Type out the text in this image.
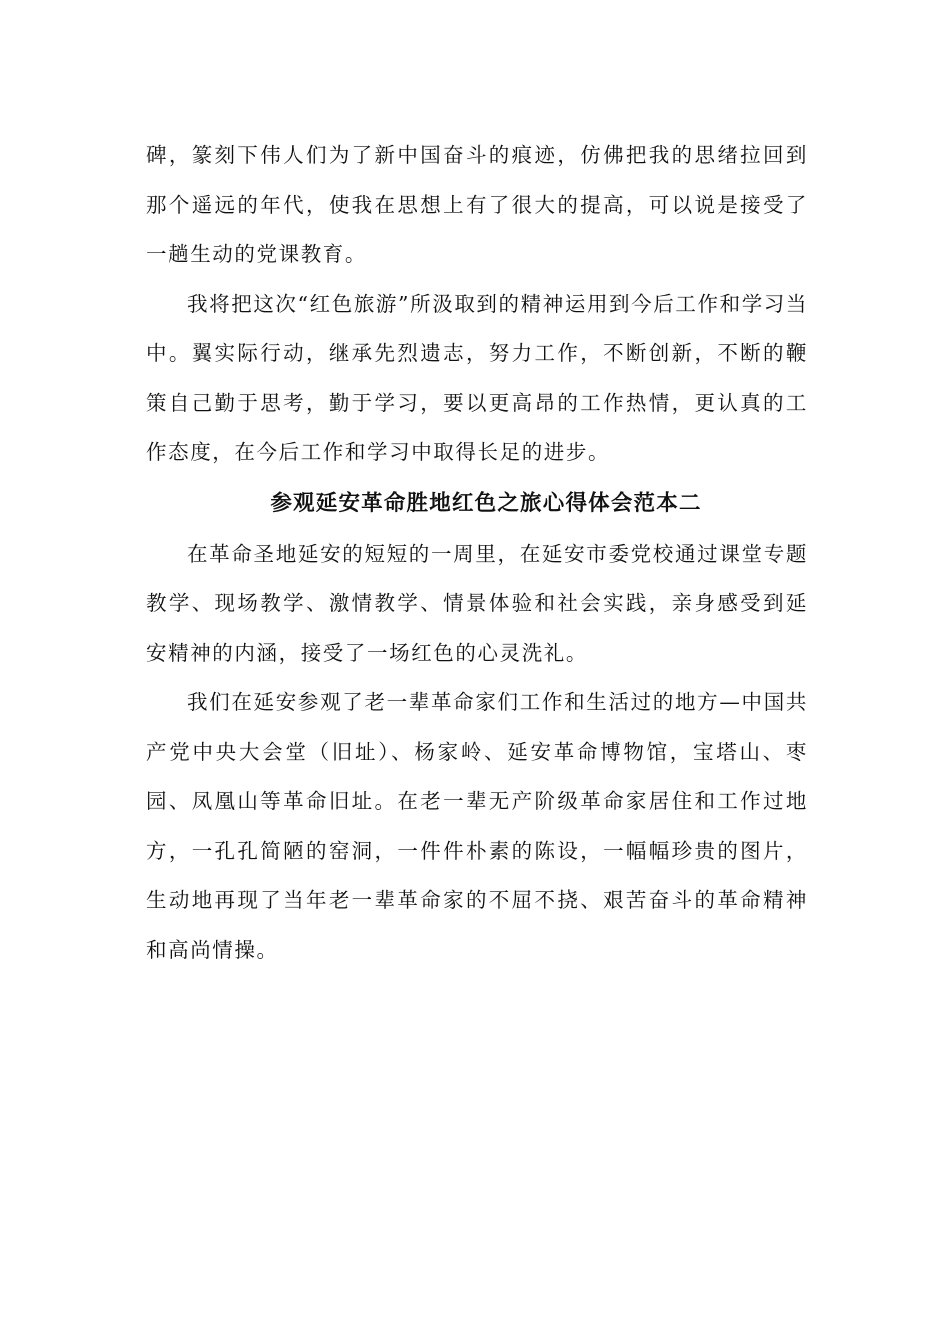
碑，篆刻下伟人们为了新中国奋斗的痕迹，仿佛把我的思绪拉回到那个遥远的年代，使我在思想上有了很大的提高，可以说是接受了一趟生动的党课教育。

我将把这次“红色旅游”所汲取到的精神运用到今后工作和学习当中。翼实际行动，继承先烈遗志，努力工作，不断创新，不断的鞭策自己勤于思考，勤于学习，要以更高昂的工作热情，更认真的工作态度，在今后工作和学习中取得长足的进步。

参观延安革命胜地红色之旅心得体会范本二

在革命圣地延安的短短的一周里，在延安市委党校通过课堂专题教学、现场教学、激情教学、情景体验和社会实践，亲身感受到延安精神的内涵，接受了一场红色的心灵洗礼。

我们在延安参观了老一辈革命家们工作和生活过的地方—中国共产党中央大会堂（旧址）、杨家岭、延安革命博物馆，宝塔山、枣园、凤凰山等革命旧址。在老一辈无产阶级革命家居住和工作过地方，一孔孔简陋的窑洞，一件件朴素的陈设，一幅幅珍贵的图片，生动地再现了当年老一辈革命家的不屈不挠、艰苦奋斗的革命精神和高尚情操。
